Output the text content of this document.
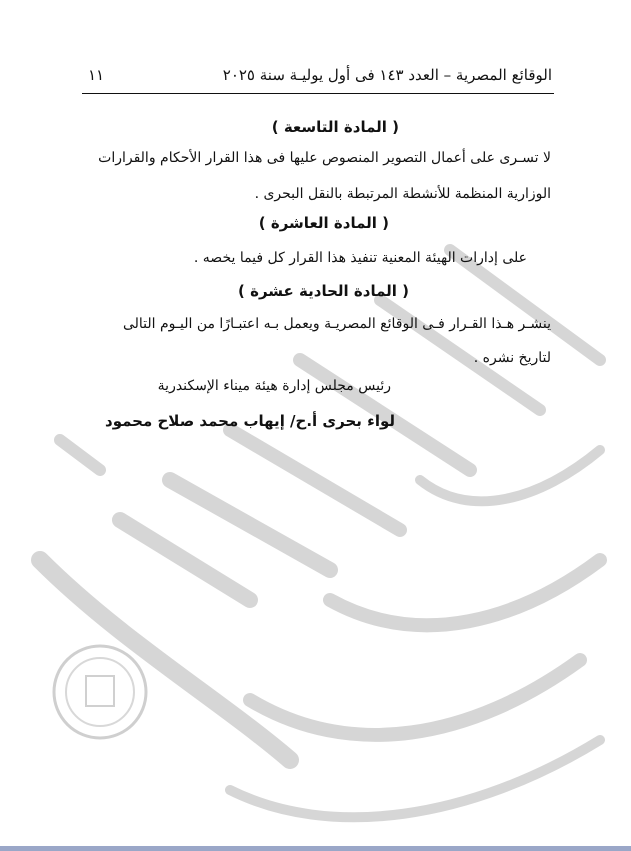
الوقائع المصرية – العدد ١٤٣ فى أول يوليـة سنة ٢٠٢٥
١١
( المادة التاسعة )
لا تسـرى على أعمال التصوير المنصوص عليها فى هذا القرار الأحكام والقرارات
الوزارية المنظمة للأنشطة المرتبطة بالنقل البحرى .
( المادة العاشرة )
على إدارات الهيئة المعنية تنفيذ هذا القرار كل فيما يخصه .
( المادة الحادية عشرة )
ينشـر هـذا القـرار فـى الوقائع المصريـة ويعمل بـه اعتبـارًا من اليـوم التالى
لتاريخ نشره .
رئيس مجلس إدارة هيئة ميناء الإسكندرية
لواء بحرى أ.ح/ إيهاب محمد صلاح محمود
